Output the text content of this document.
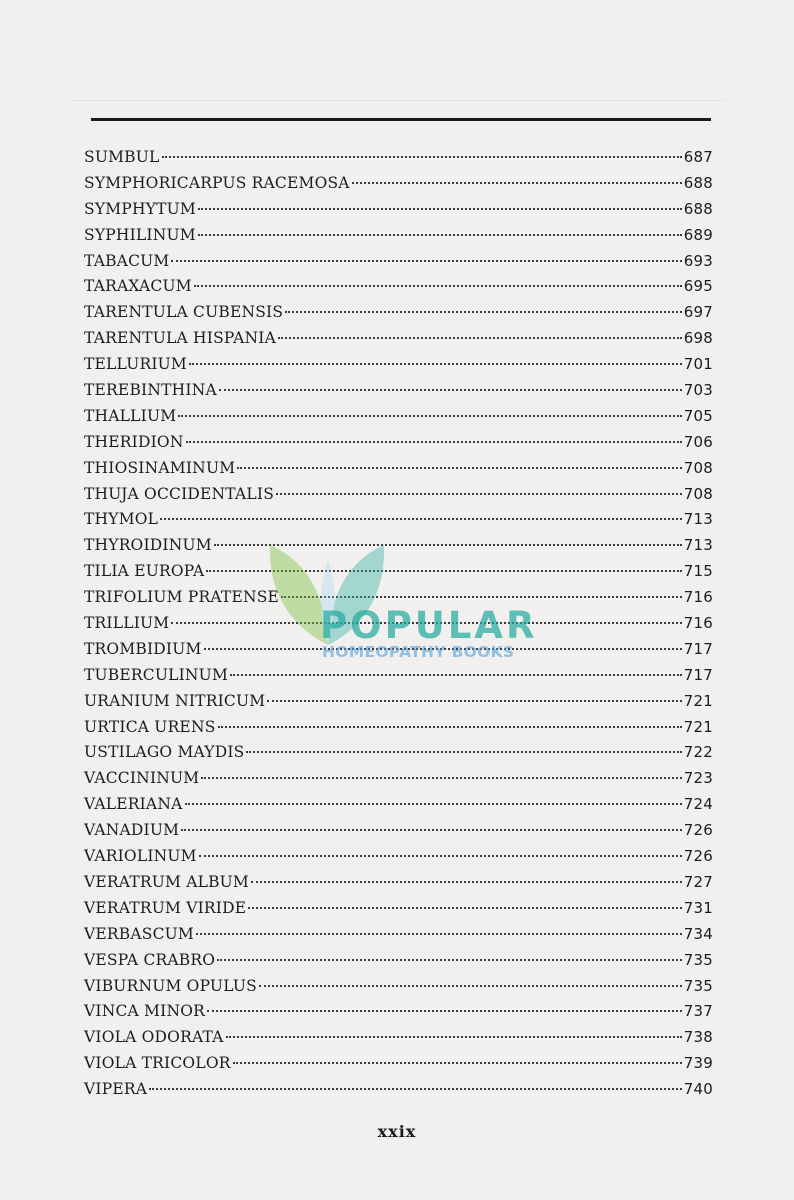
SUMBUL	687
SYMPHORICARPUS RACEMOSA	688
SYMPHYTUM	688
SYPHILINUM	689
TABACUM	693
TARAXACUM	695
TARENTULA CUBENSIS	697
TARENTULA HISPANIA	698
TELLURIUM	701
TEREBINTHINA	703
THALLIUM	705
THERIDION	706
THIOSINAMINUM	708
THUJA OCCIDENTALIS	708
THYMOL	713
THYROIDINUM	713
TILIA EUROPA	715
TRIFOLIUM PRATENSE	716
TRILLIUM	716
TROMBIDIUM	717
TUBERCULINUM	717
URANIUM NITRICUM	721
URTICA URENS	721
USTILAGO MAYDIS	722
VACCININUM	723
VALERIANA	724
VANADIUM	726
VARIOLINUM	726
VERATRUM ALBUM	727
VERATRUM VIRIDE	731
VERBASCUM	734
VESPA CRABRO	735
VIBURNUM OPULUS	735
VINCA MINOR	737
VIOLA ODORATA	738
VIOLA TRICOLOR	739
VIPERA	740
POPULAR
HOMEOPATHY BOOKS
xxix
